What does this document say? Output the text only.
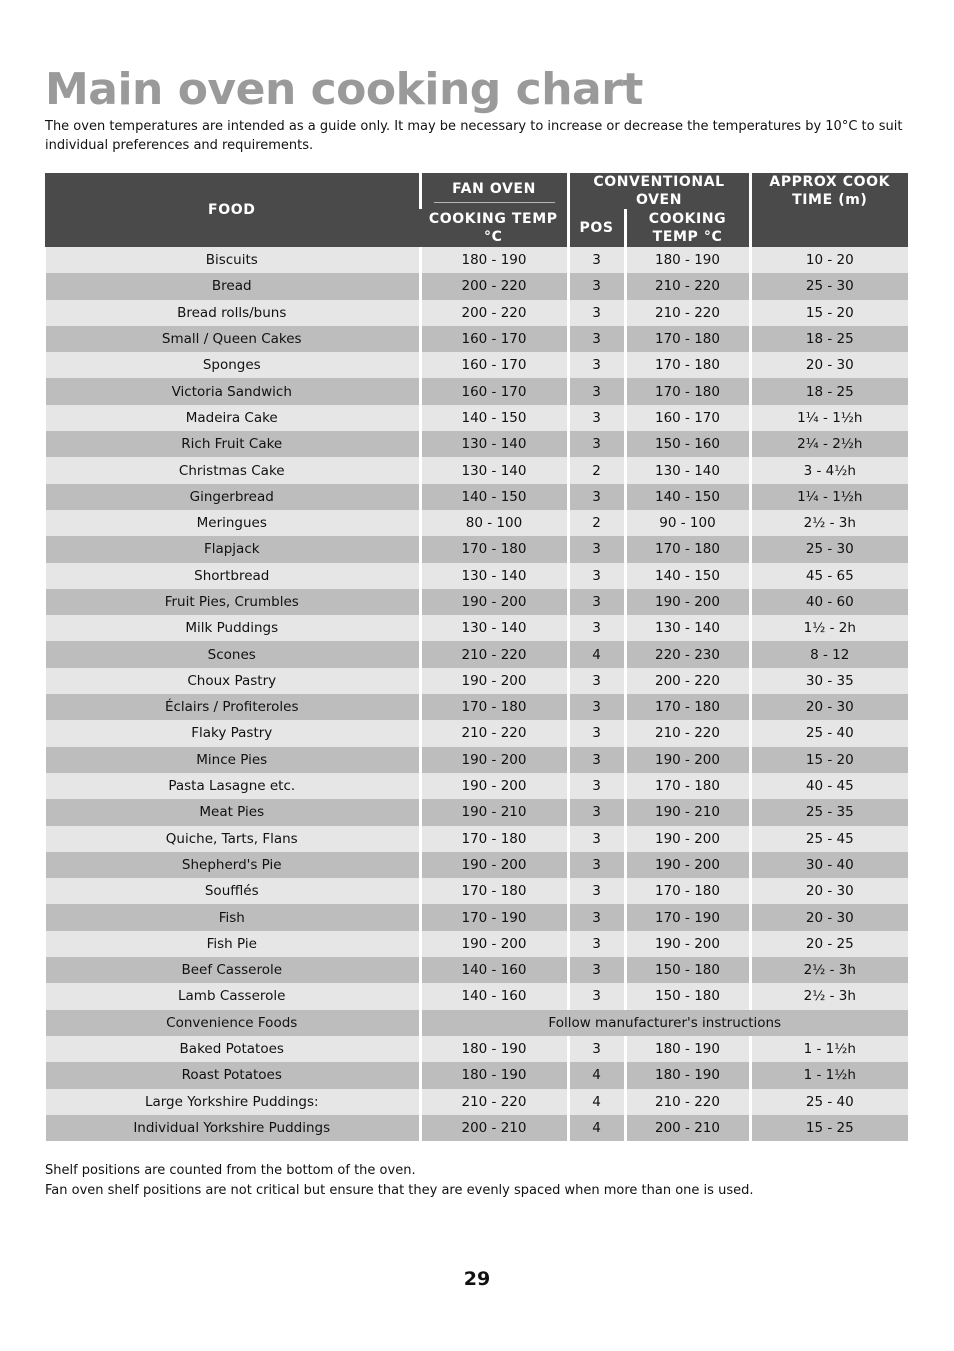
Main oven cooking chart

The oven temperatures are intended as a guide only. It may be necessary to increase or decrease the temperatures by 10°C to suit individual preferences and requirements.

FOOD	FAN OVEN	CONVENTIONAL OVEN		APPROX COOK TIME (m)
	COOKING TEMP °C	POS	COOKING TEMP °C	
Biscuits	180 - 190	3	180 - 190	10 - 20
Bread	200 - 220	3	210 - 220	25 - 30
Bread rolls/buns	200 - 220	3	210 - 220	15 - 20
Small / Queen Cakes	160 - 170	3	170 - 180	18 - 25
Sponges	160 - 170	3	170 - 180	20 - 30
Victoria Sandwich	160 - 170	3	170 - 180	18 - 25
Madeira Cake	140 - 150	3	160 - 170	1¼ - 1½h
Rich Fruit Cake	130 - 140	3	150 - 160	2¼ - 2½h
Christmas Cake	130 - 140	2	130 - 140	3 - 4½h
Gingerbread	140 - 150	3	140 - 150	1¼ - 1½h
Meringues	80 - 100	2	90 - 100	2½ - 3h
Flapjack	170 - 180	3	170 - 180	25 - 30
Shortbread	130 - 140	3	140 - 150	45 - 65
Fruit Pies, Crumbles	190 - 200	3	190 - 200	40 - 60
Milk Puddings	130 - 140	3	130 - 140	1½ - 2h
Scones	210 - 220	4	220 - 230	8 - 12
Choux Pastry	190 - 200	3	200 - 220	30 - 35
Éclairs / Profiteroles	170 - 180	3	170 - 180	20 - 30
Flaky Pastry	210 - 220	3	210 - 220	25 - 40
Mince Pies	190 - 200	3	190 - 200	15 - 20
Pasta Lasagne etc.	190 - 200	3	170 - 180	40 - 45
Meat Pies	190 - 210	3	190 - 210	25 - 35
Quiche, Tarts, Flans	170 - 180	3	190 - 200	25 - 45
Shepherd's Pie	190 - 200	3	190 - 200	30 - 40
Soufflés	170 - 180	3	170 - 180	20 - 30
Fish	170 - 190	3	170 - 190	20 - 30
Fish Pie	190 - 200	3	190 - 200	20 - 25
Beef Casserole	140 - 160	3	150 - 180	2½ - 3h
Lamb Casserole	140 - 160	3	150 - 180	2½ - 3h
Convenience Foods	Follow manufacturer's instructions			
Baked Potatoes	180 - 190	3	180 - 190	1 - 1½h
Roast Potatoes	180 - 190	4	180 - 190	1 - 1½h
Large Yorkshire Puddings:	210 - 220	4	210 - 220	25 - 40
Individual Yorkshire Puddings	200 - 210	4	200 - 210	15 - 25
Shelf positions are counted from the bottom of the oven.
Fan oven shelf positions are not critical but ensure that they are evenly spaced when more than one is used.
29
